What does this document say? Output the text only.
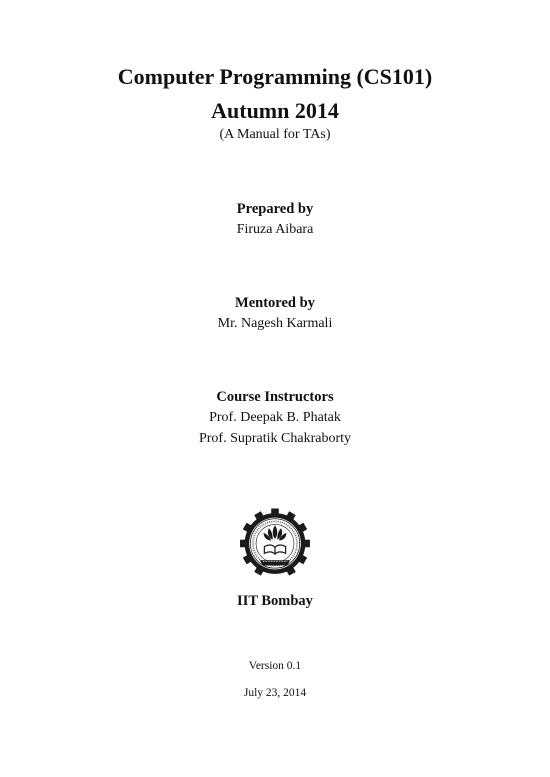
Computer Programming (CS101)
Autumn 2014
(A Manual for TAs)
Prepared by
Firuza Aibara
Mentored by
Mr. Nagesh Karmali
Course Instructors
Prof. Deepak B. Phatak
Prof. Supratik Chakraborty
IIT Bombay
Version 0.1
July 23, 2014
